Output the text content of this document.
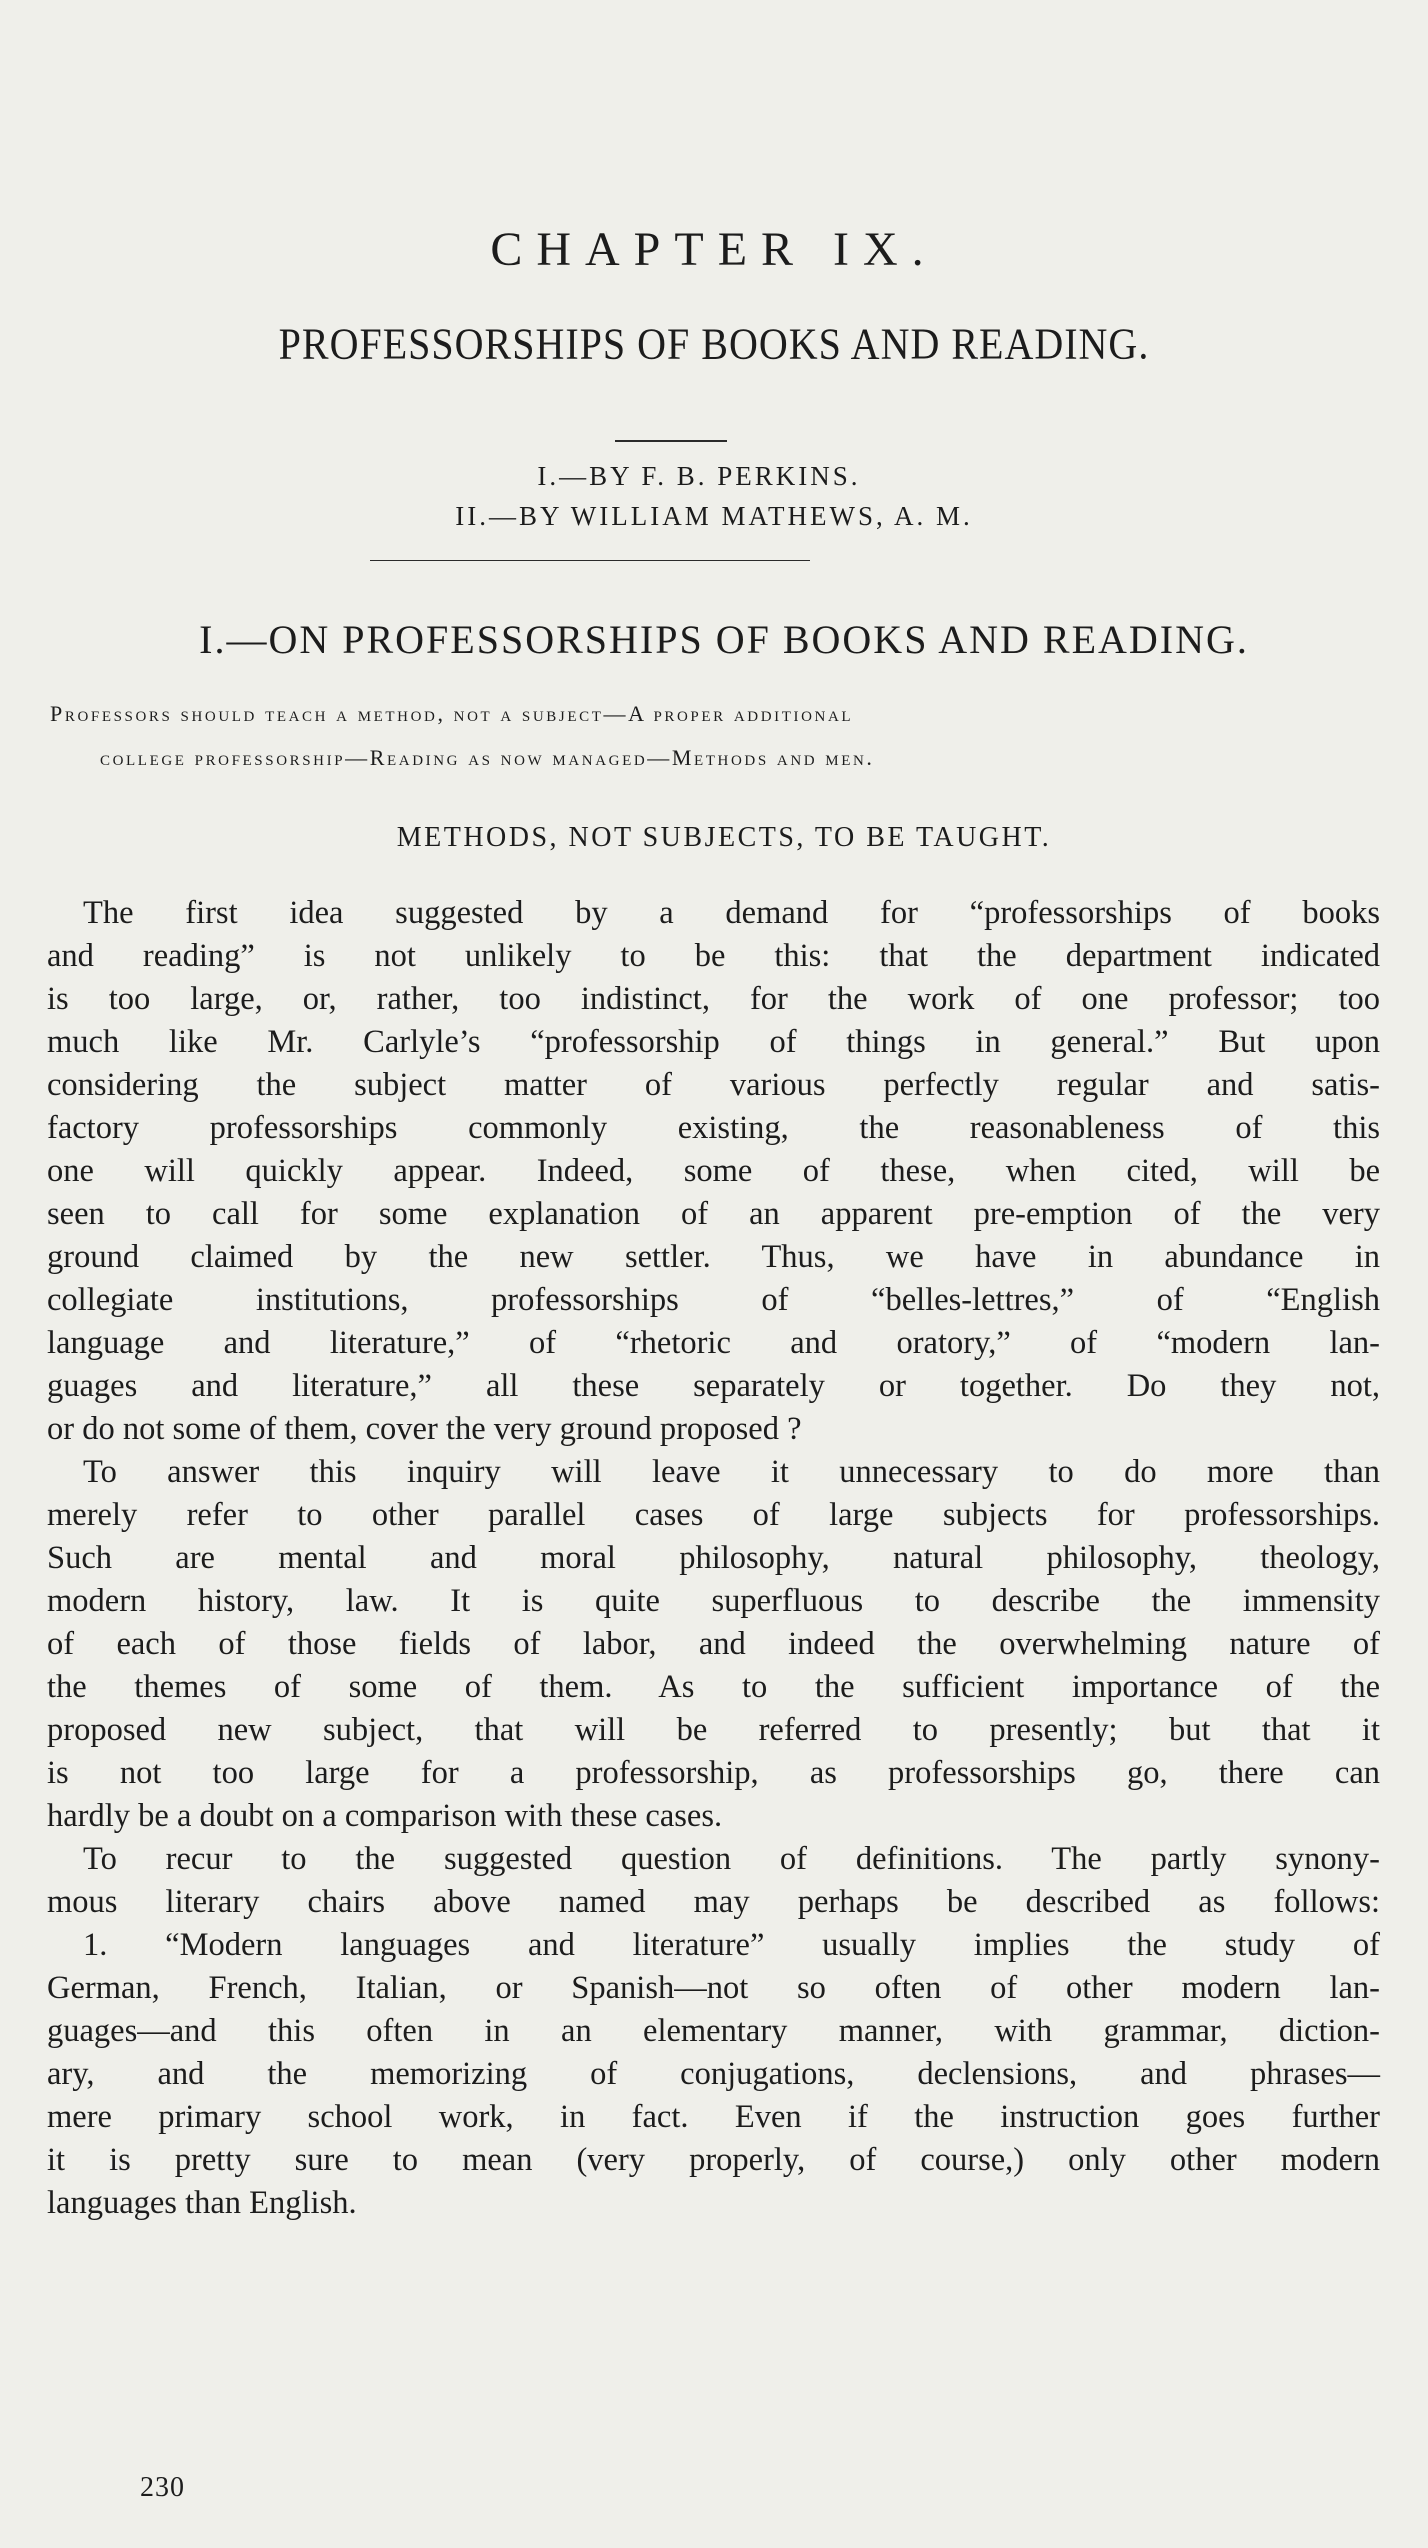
CHAPTER IX.
PROFESSORSHIPS OF BOOKS AND READING.
I.—BY F. B. PERKINS.
II.—BY WILLIAM MATHEWS, A. M.
I.—ON PROFESSORSHIPS OF BOOKS AND READING.
Professors should teach a method, not a subject—A proper additional
college professorship—Reading as now managed—Methods and men.
METHODS, NOT SUBJECTS, TO BE TAUGHT.
The first idea suggested by a demand for “professorships of books
and reading” is not unlikely to be this: that the department indicated
is too large, or, rather, too indistinct, for the work of one professor; too
much like Mr. Carlyle’s “professorship of things in general.” But upon
considering the subject matter of various perfectly regular and satis-
factory professorships commonly existing, the reasonableness of this
one will quickly appear. Indeed, some of these, when cited, will be
seen to call for some explanation of an apparent pre-emption of the very
ground claimed by the new settler. Thus, we have in abundance in
collegiate institutions, professorships of “belles-lettres,” of “English
language and literature,” of “rhetoric and oratory,” of “modern lan-
guages and literature,” all these separately or together. Do they not,
or do not some of them, cover the very ground proposed ?
To answer this inquiry will leave it unnecessary to do more than
merely refer to other parallel cases of large subjects for professorships.
Such are mental and moral philosophy, natural philosophy, theology,
modern history, law. It is quite superfluous to describe the immensity
of each of those fields of labor, and indeed the overwhelming nature of
the themes of some of them. As to the sufficient importance of the
proposed new subject, that will be referred to presently; but that it
is not too large for a professorship, as professorships go, there can
hardly be a doubt on a comparison with these cases.
To recur to the suggested question of definitions. The partly synony-
mous literary chairs above named may perhaps be described as follows:
1. “Modern languages and literature” usually implies the study of
German, French, Italian, or Spanish—not so often of other modern lan-
guages—and this often in an elementary manner, with grammar, diction-
ary, and the memorizing of conjugations, declensions, and phrases—
mere primary school work, in fact. Even if the instruction goes further
it is pretty sure to mean (very properly, of course,) only other modern
languages than English.
230
